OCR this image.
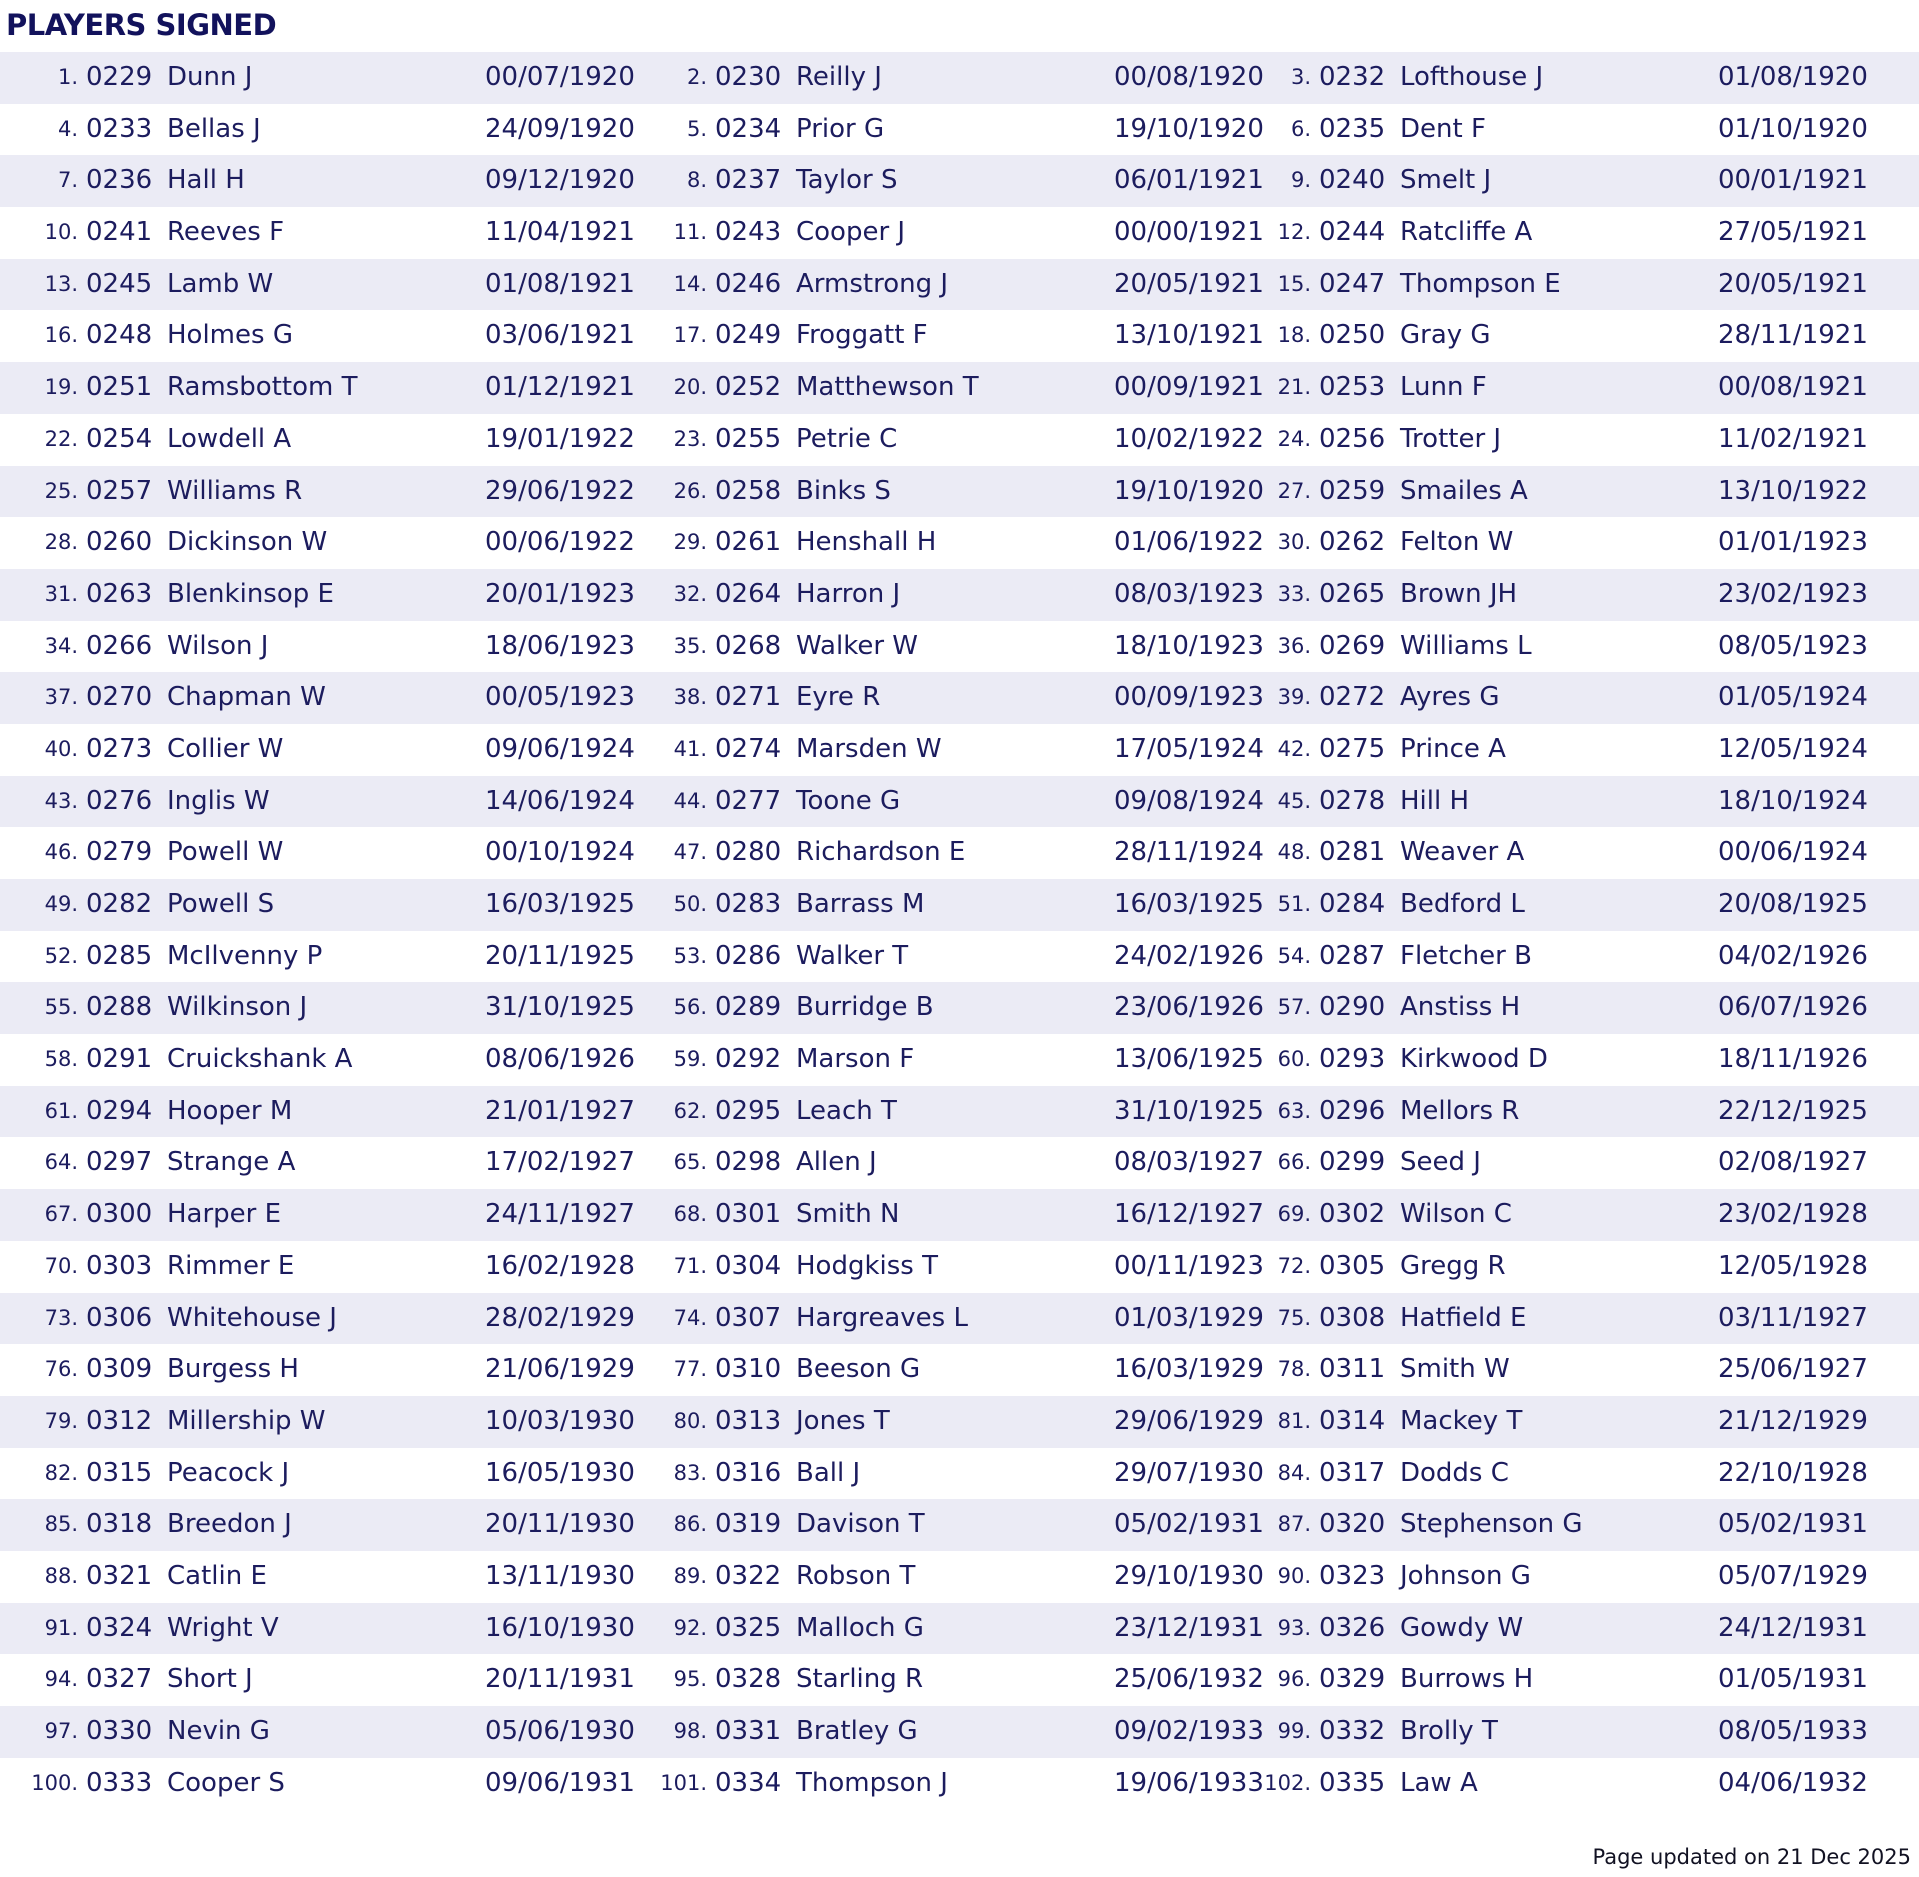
PLAYERS SIGNED
1. 0229 Dunn J	00/07/1920	2. 0230 Reilly J	00/08/1920	3. 0232 Lofthouse J	01/08/1920
4. 0233 Bellas J	24/09/1920	5. 0234 Prior G	19/10/1920	6. 0235 Dent F	01/10/1920
7. 0236 Hall H	09/12/1920	8. 0237 Taylor S	06/01/1921	9. 0240 Smelt J	00/01/1921
10. 0241 Reeves F	11/04/1921	11. 0243 Cooper J	00/00/1921 12. 0244 Ratcliffe A	27/05/1921
13. 0245 Lamb W	01/08/1921	14. 0246 Armstrong J	20/05/1921 15. 0247 Thompson E	20/05/1921
16. 0248 Holmes G	03/06/1921	17. 0249 Froggatt F	13/10/1921 18. 0250 Gray G	28/11/1921
19. 0251 Ramsbottom T	01/12/1921	20. 0252 Matthewson T	00/09/1921 21. 0253 Lunn F	00/08/1921
22. 0254 Lowdell A	19/01/1922	23. 0255 Petrie C	10/02/1922 24. 0256 Trotter J	11/02/1921
25. 0257 Williams R	29/06/1922	26. 0258 Binks S	19/10/1920 27. 0259 Smailes A	13/10/1922
28. 0260 Dickinson W	00/06/1922	29. 0261 Henshall H	01/06/1922 30. 0262 Felton W	01/01/1923
31. 0263 Blenkinsop E	20/01/1923	32. 0264 Harron J	08/03/1923 33. 0265 Brown JH	23/02/1923
34. 0266 Wilson J	18/06/1923	35. 0268 Walker W	18/10/1923 36. 0269 Williams L	08/05/1923
37. 0270 Chapman W	00/05/1923	38. 0271 Eyre R	00/09/1923 39. 0272 Ayres G	01/05/1924
40. 0273 Collier W	09/06/1924	41. 0274 Marsden W	17/05/1924 42. 0275 Prince A	12/05/1924
43. 0276 Inglis W	14/06/1924	44. 0277 Toone G	09/08/1924 45. 0278 Hill H	18/10/1924
46. 0279 Powell W	00/10/1924	47. 0280 Richardson E	28/11/1924 48. 0281 Weaver A	00/06/1924
49. 0282 Powell S	16/03/1925	50. 0283 Barrass M	16/03/1925 51. 0284 Bedford L	20/08/1925
52. 0285 McIlvenny P	20/11/1925	53. 0286 Walker T	24/02/1926 54. 0287 Fletcher B	04/02/1926
55. 0288 Wilkinson J	31/10/1925	56. 0289 Burridge B	23/06/1926 57. 0290 Anstiss H	06/07/1926
58. 0291 Cruickshank A	08/06/1926	59. 0292 Marson F	13/06/1925 60. 0293 Kirkwood D	18/11/1926
61. 0294 Hooper M	21/01/1927	62. 0295 Leach T	31/10/1925 63. 0296 Mellors R	22/12/1925
64. 0297 Strange A	17/02/1927	65. 0298 Allen J	08/03/1927 66. 0299 Seed J	02/08/1927
67. 0300 Harper E	24/11/1927	68. 0301 Smith N	16/12/1927 69. 0302 Wilson C	23/02/1928
70. 0303 Rimmer E	16/02/1928	71. 0304 Hodgkiss T	00/11/1923 72. 0305 Gregg R	12/05/1928
73. 0306 Whitehouse J	28/02/1929	74. 0307 Hargreaves L	01/03/1929 75. 0308 Hatfield E	03/11/1927
76. 0309 Burgess H	21/06/1929	77. 0310 Beeson G	16/03/1929 78. 0311 Smith W	25/06/1927
79. 0312 Millership W	10/03/1930	80. 0313 Jones T	29/06/1929 81. 0314 Mackey T	21/12/1929
82. 0315 Peacock J	16/05/1930	83. 0316 Ball J	29/07/1930 84. 0317 Dodds C	22/10/1928
85. 0318 Breedon J	20/11/1930	86. 0319 Davison T	05/02/1931 87. 0320 Stephenson G	05/02/1931
88. 0321 Catlin E	13/11/1930	89. 0322 Robson T	29/10/1930 90. 0323 Johnson G	05/07/1929
91. 0324 Wright V	16/10/1930	92. 0325 Malloch G	23/12/1931 93. 0326 Gowdy W	24/12/1931
94. 0327 Short J	20/11/1931	95. 0328 Starling R	25/06/1932 96. 0329 Burrows H	01/05/1931
97. 0330 Nevin G	05/06/1930	98. 0331 Bratley G	09/02/1933 99. 0332 Brolly T	08/05/1933
100. 0333 Cooper S	09/06/1931	101. 0334 Thompson J	19/06/1933 102. 0335 Law A	04/06/1932
Page updated on 21 Dec 2025
